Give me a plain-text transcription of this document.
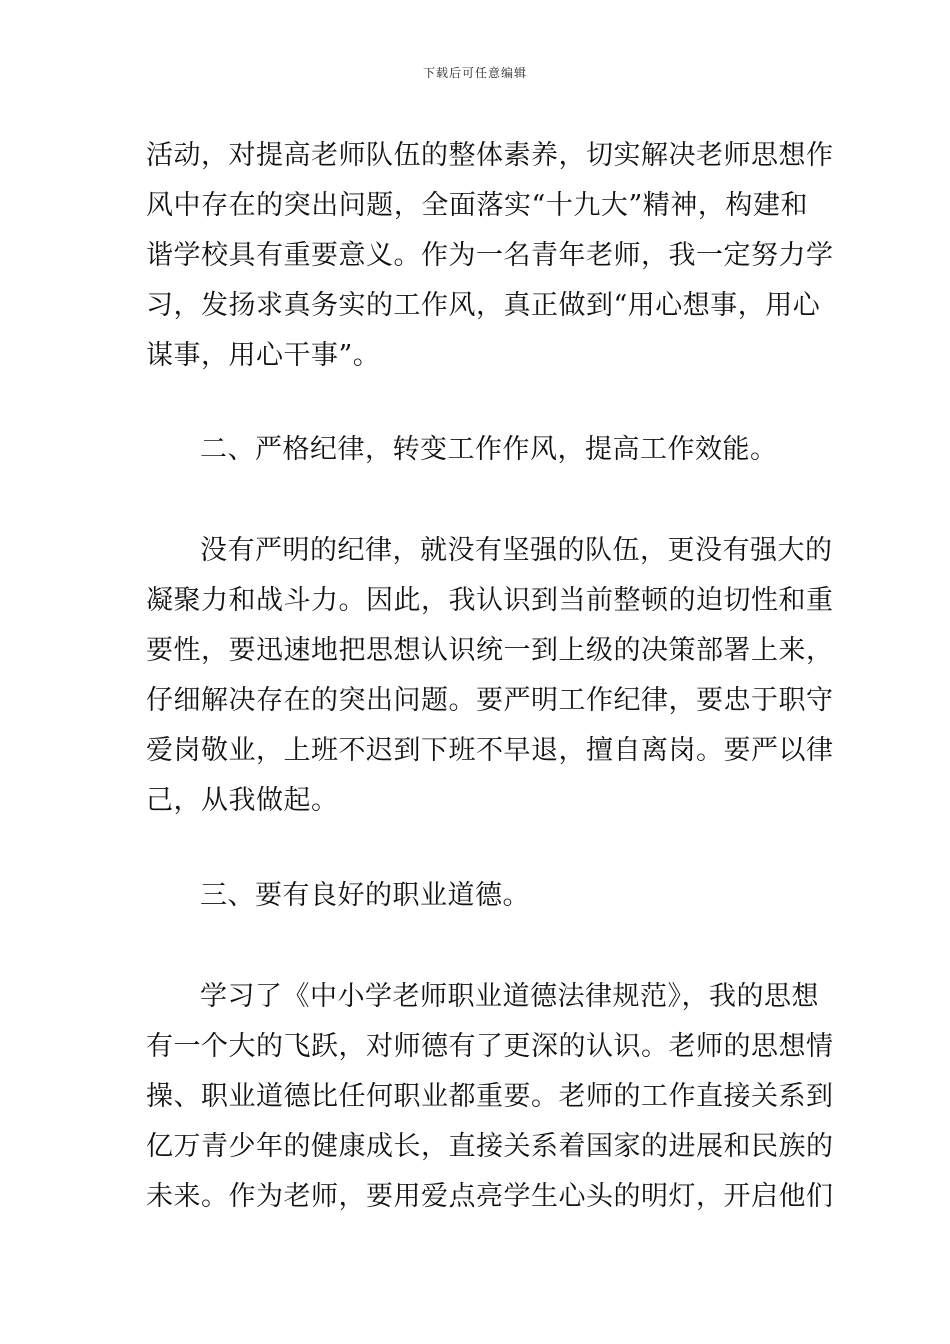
下载后可任意编辑
活动，对提高老师队伍的整体素养，切实解决老师思想作
风中存在的突出问题，全面落实“十九大”精神，构建和
谐学校具有重要意义。作为一名青年老师，我一定努力学
习，发扬求真务实的工作风，真正做到“用心想事，用心
谋事，用心干事”。
二、严格纪律，转变工作作风，提高工作效能。
没有严明的纪律，就没有坚强的队伍，更没有强大的
凝聚力和战斗力。因此，我认识到当前整顿的迫切性和重
要性，要迅速地把思想认识统一到上级的决策部署上来，
仔细解决存在的突出问题。要严明工作纪律，要忠于职守
爱岗敬业，上班不迟到下班不早退，擅自离岗。要严以律
己，从我做起。
三、要有良好的职业道德。
学习了《中小学老师职业道德法律规范》，我的思想
有一个大的飞跃，对师德有了更深的认识。老师的思想情
操、职业道德比任何职业都重要。老师的工作直接关系到
亿万青少年的健康成长，直接关系着国家的进展和民族的
未来。作为老师，要用爱点亮学生心头的明灯，开启他们
